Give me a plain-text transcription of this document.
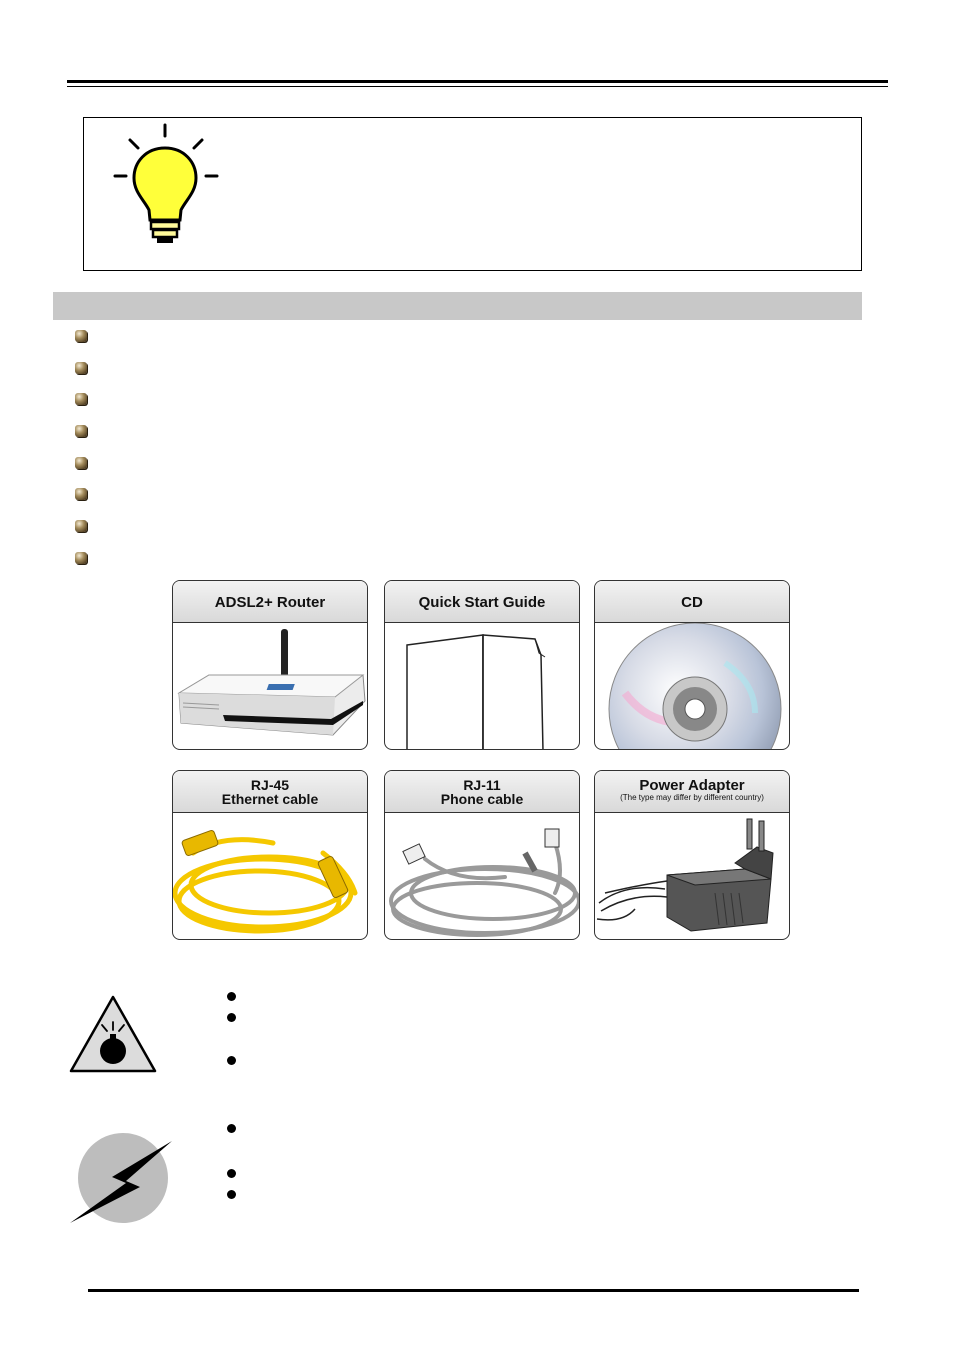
ADSL2+ Router	Quick Start Guide	CD
RJ-45
Ethernet cable
RJ-11
Phone cable
Power Adapter
(The type may differ by different country)
